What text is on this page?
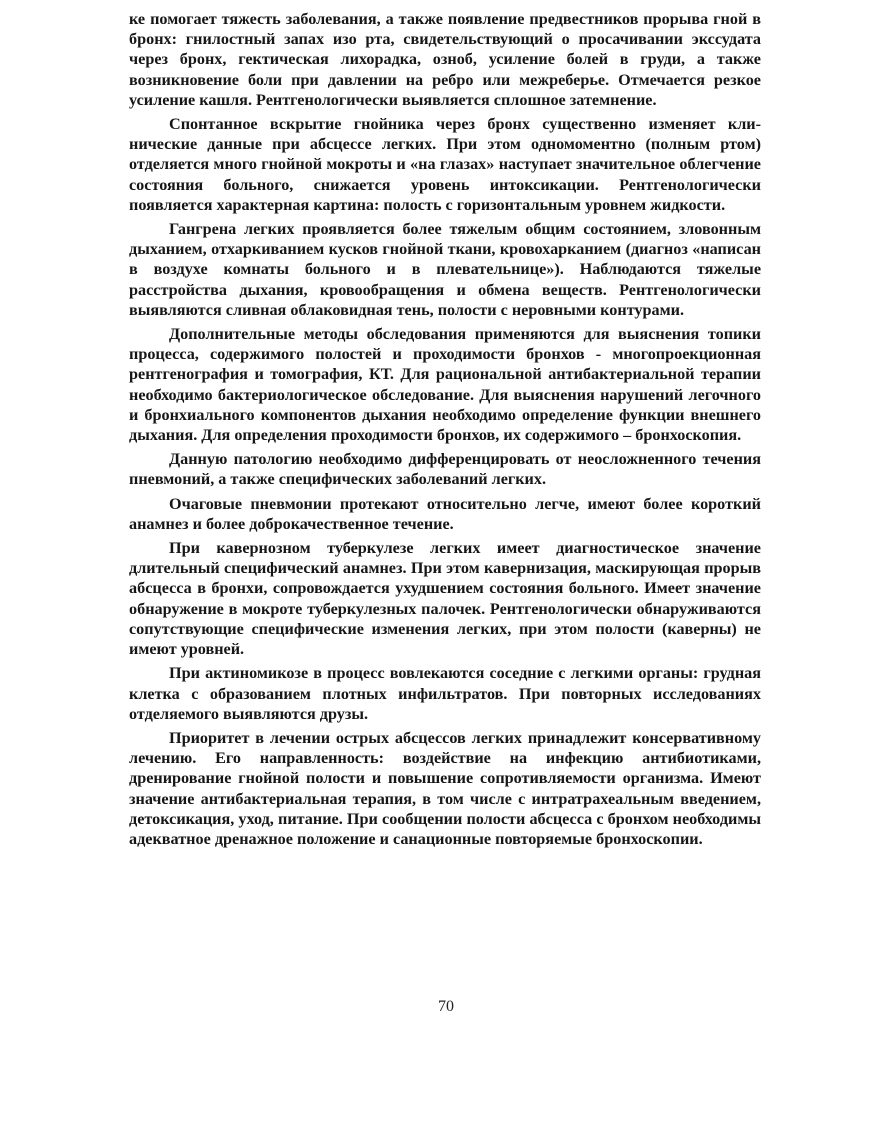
ке помогает тяжесть заболевания, а также появление предвестников прорыва гной в бронх: гнилостный запах изо рта, свидетельствующий о просачивании экссудата через бронх, гектическая лихорадка, озноб, усиление болей в груди, а также возникновение боли при давлении на ребро или межреберье. Отмечается резкое усиление кашля. Рентгенологически выявляется сплошное затемнение.

Спонтанное вскрытие гнойника через бронх существенно изменяет клинические данные при абсцессе легких. При этом одномоментно (полным ртом) отделяется много гнойной мокроты и «на глазах» наступает значительное облегчение состояния больного, снижается уровень интоксикации. Рентгенологически появляется характерная картина: полость с горизонтальным уровнем жидкости.

Гангрена легких проявляется более тяжелым общим состоянием, зловонным дыханием, отхаркиванием кусков гнойной ткани, кровохарканием (диагноз «написан в воздухе комнаты больного и в плевательнице»). Наблюдаются тяжелые расстройства дыхания, кровообращения и обмена веществ. Рентгенологически выявляются сливная облаковидная тень, полости с неровными контурами.

Дополнительные методы обследования применяются для выяснения топики процесса, содержимого полостей и проходимости бронхов - многопроекционная рентгенография и томография, КТ. Для рациональной антибактериальной терапии необходимо бактериологическое обследование. Для выяснения нарушений легочного и бронхиального компонентов дыхания необходимо определение функции внешнего дыхания. Для определения проходимости бронхов, их содержимого – бронхоскопия.

Данную патологию необходимо дифференцировать от неосложненного течения пневмоний, а также специфических заболеваний легких.

Очаговые пневмонии протекают относительно легче, имеют более короткий анамнез и более доброкачественное течение.

При кавернозном туберкулезе легких имеет диагностическое значение длительный специфический анамнез. При этом кавернизация, маскирующая прорыв абсцесса в бронхи, сопровождается ухудшением состояния больного. Имеет значение обнаружение в мокроте туберкулезных палочек. Рентгенологически обнаруживаются сопутствующие специфические изменения легких, при этом полости (каверны) не имеют уровней.

При актиномикозе в процесс вовлекаются соседние с легкими органы: грудная клетка с образованием плотных инфильтратов. При повторных исследованиях отделяемого выявляются друзы.

Приоритет в лечении острых абсцессов легких принадлежит консервативному лечению. Его направленность: воздействие на инфекцию антибиотиками, дренирование гнойной полости и повышение сопротивляемости организма. Имеют значение антибактериальная терапия, в том числе с интратрахеальным введением, детоксикация, уход, питание. При сообщении полости абсцесса с бронхом необходимы адекватное дренажное положение и санационные повторяемые бронхоскопии.

70
